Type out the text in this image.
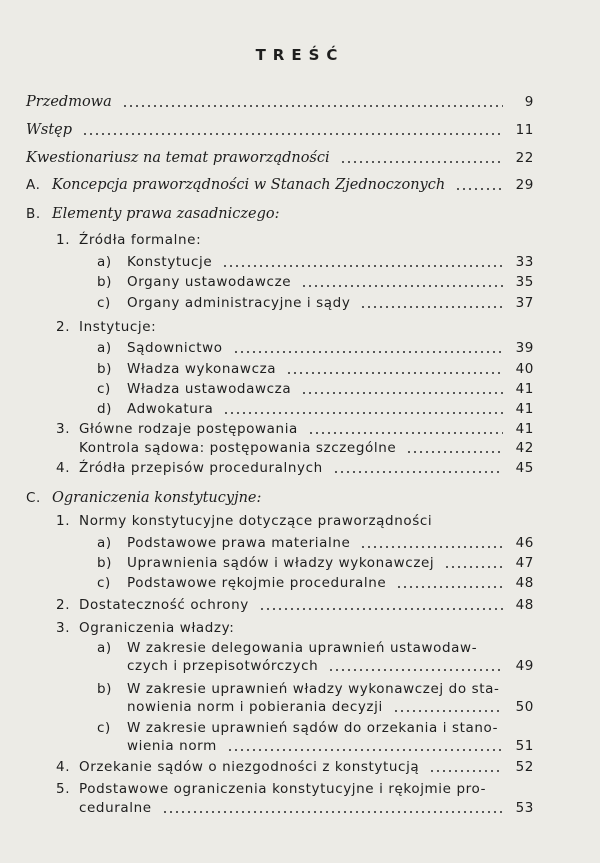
TREŚĆ
Przedmowa	9
Wstęp	11
Kwestionariusz na temat praworządności	22
A. Koncepcja praworządności w Stanach Zjednoczonych	29
B. Elementy prawa zasadniczego:
1. Źródła formalne:
a) Konstytucje	33
b) Organy ustawodawcze	35
c) Organy administracyjne i sądy	37
2. Instytucje:
a) Sądownictwo	39
b) Władza wykonawcza	40
c) Władza ustawodawcza	41
d) Adwokatura	41
3. Główne rodzaje postępowania	41
Kontrola sądowa: postępowania szczególne	42
4. Źródła przepisów proceduralnych	45
C. Ograniczenia konstytucyjne:
1. Normy konstytucyjne dotyczące praworządności
a) Podstawowe prawa materialne	46
b) Uprawnienia sądów i władzy wykonawczej	47
c) Podstawowe rękojmie proceduralne	48
2. Dostateczność ochrony	48
3. Ograniczenia władzy:
a) W zakresie delegowania uprawnień ustawodaw-
czych i przepisotwórczych	49
b) W zakresie uprawnień władzy wykonawczej do sta-
nowienia norm i pobierania decyzji	50
c) W zakresie uprawnień sądów do orzekania i stano-
wienia norm	51
4. Orzekanie sądów o niezgodności z konstytucją	52
5. Podstawowe ograniczenia konstytucyjne i rękojmie pro-
ceduralne	53
